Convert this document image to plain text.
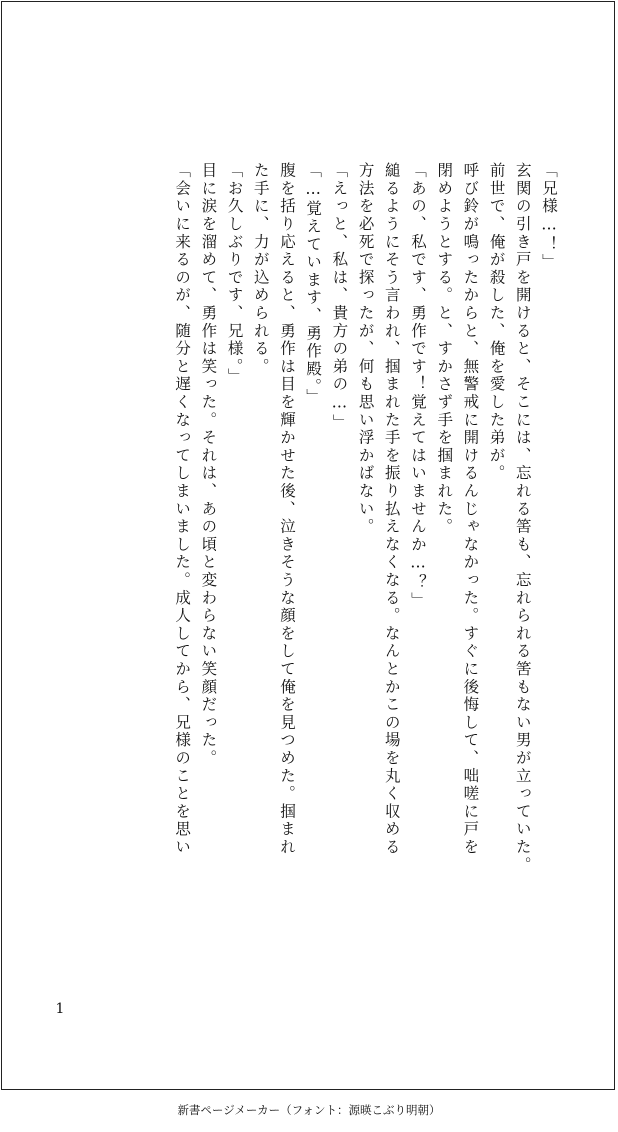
「兄様…！」
玄関の引き戸を開けると、そこには、忘れる筈も、忘れられる筈もない男が立っていた。
前世で、俺が殺した、俺を愛した弟が。
呼び鈴が鳴ったからと、無警戒に開けるんじゃなかった。すぐに後悔して、咄嗟に戸を
閉めようとする。と、すかさず手を掴まれた。
「あの、私です、勇作です！覚えてはいませんか…？」
縋るようにそう言われ、掴まれた手を振り払えなくなる。なんとかこの場を丸く収める
方法を必死で探ったが、何も思い浮かばない。
「えっと、私は、貴方の弟の…」
「…覚えています、勇作殿。」
腹を括り応えると、勇作は目を輝かせた後、泣きそうな顔をして俺を見つめた。掴まれ
た手に、力が込められる。
「お久しぶりです、兄様。」
目に涙を溜めて、勇作は笑った。それは、あの頃と変わらない笑顔だった。
「会いに来るのが、随分と遅くなってしまいました。成人してから、兄様のことを思い
1
新書ページメーカー（フォント：源暎こぶり明朝）
